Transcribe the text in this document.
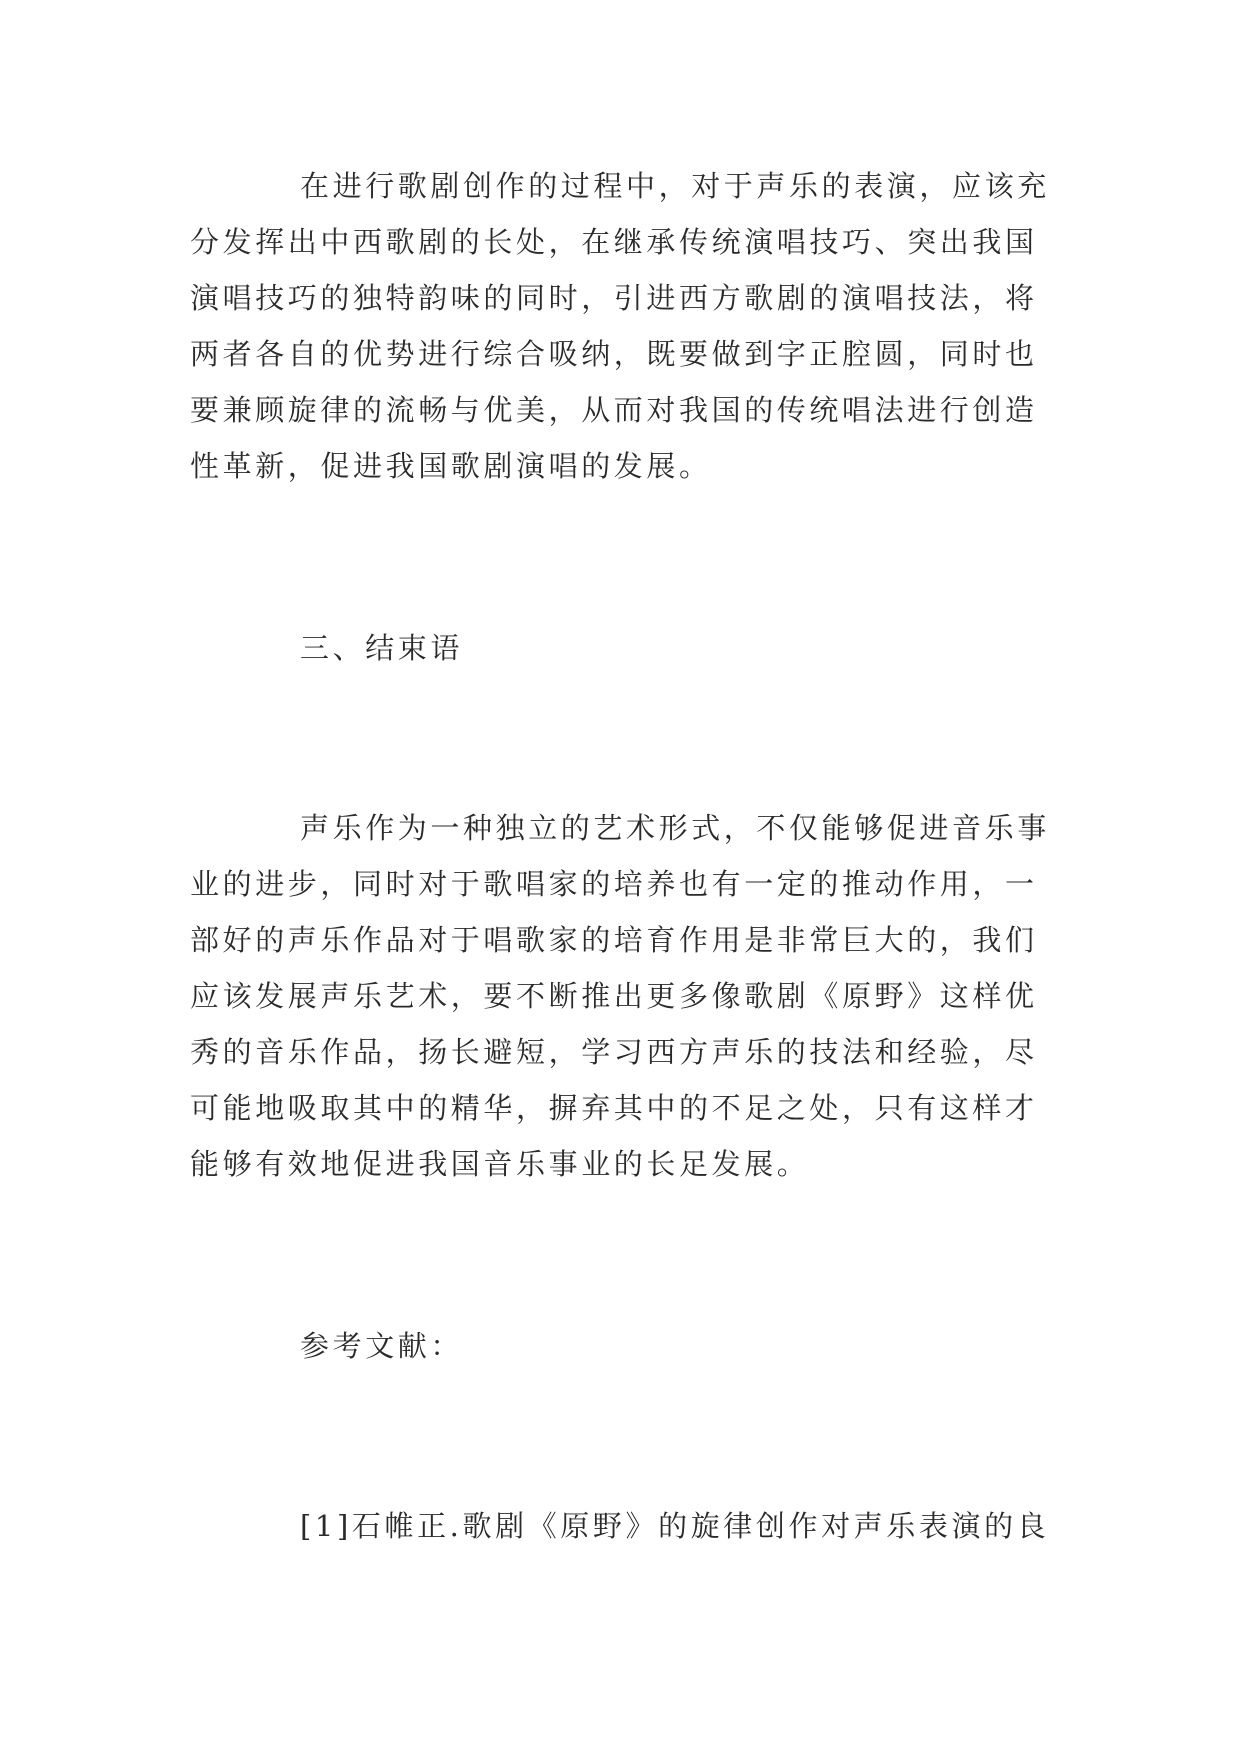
在进行歌剧创作的过程中，对于声乐的表演，应该充
分发挥出中西歌剧的长处，在继承传统演唱技巧、突出我国
演唱技巧的独特韵味的同时，引进西方歌剧的演唱技法，将
两者各自的优势进行综合吸纳，既要做到字正腔圆，同时也
要兼顾旋律的流畅与优美，从而对我国的传统唱法进行创造
性革新，促进我国歌剧演唱的发展。
三、结束语
声乐作为一种独立的艺术形式，不仅能够促进音乐事
业的进步，同时对于歌唱家的培养也有一定的推动作用，一
部好的声乐作品对于唱歌家的培育作用是非常巨大的，我们
应该发展声乐艺术，要不断推出更多像歌剧《原野》这样优
秀的音乐作品，扬长避短，学习西方声乐的技法和经验，尽
可能地吸取其中的精华，摒弃其中的不足之处，只有这样才
能够有效地促进我国音乐事业的长足发展。
参考文献：
[1]石帷正.歌剧《原野》的旋律创作对声乐表演的良
